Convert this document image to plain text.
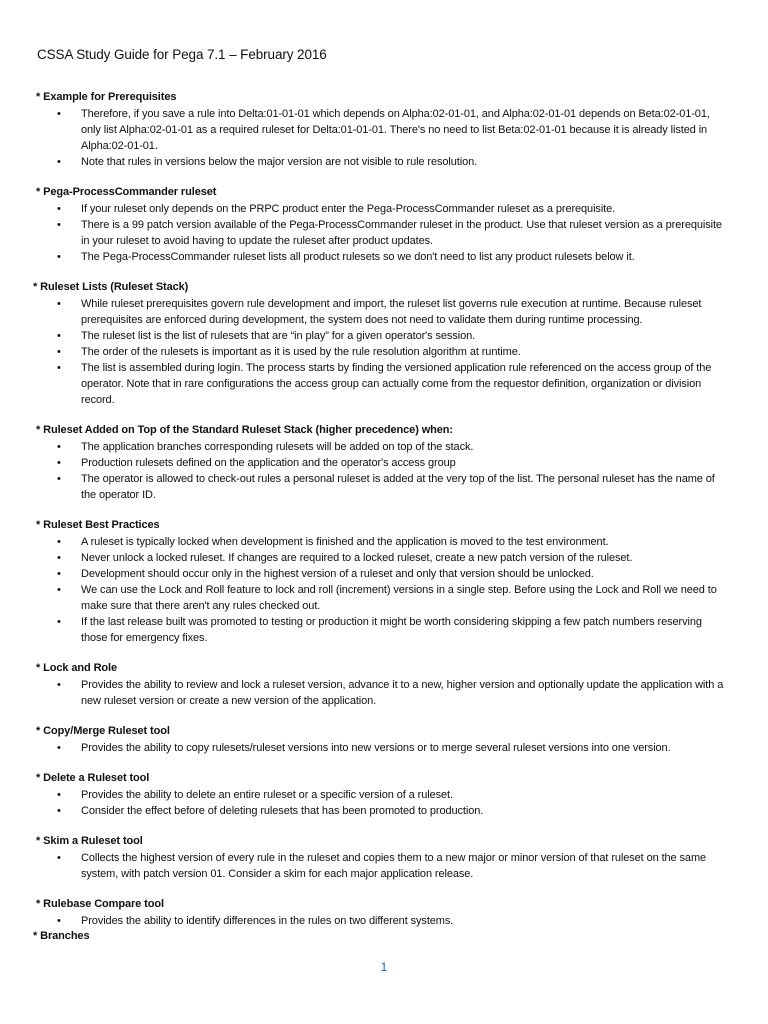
CSSA Study Guide for Pega 7.1 – February 2016
* Example for Prerequisites
• Therefore, if you save a rule into Delta:01-01-01 which depends on Alpha:02-01-01, and Alpha:02-01-01 depends on Beta:02-01-01, only list Alpha:02-01-01 as a required ruleset for Delta:01-01-01. There's no need to list Beta:02-01-01 because it is already listed in Alpha:02-01-01.
• Note that rules in versions below the major version are not visible to rule resolution.
* Pega-ProcessCommander ruleset
• If your ruleset only depends on the PRPC product enter the Pega-ProcessCommander ruleset as a prerequisite.
• There is a 99 patch version available of the Pega-ProcessCommander ruleset in the product. Use that ruleset version as a prerequisite in your ruleset to avoid having to update the ruleset after product updates.
• The Pega-ProcessCommander ruleset lists all product rulesets so we don't need to list any product rulesets below it.
* Ruleset Lists (Ruleset Stack)
• While ruleset prerequisites govern rule development and import, the ruleset list governs rule execution at runtime. Because ruleset prerequisites are enforced during development, the system does not need to validate them during runtime processing.
• The ruleset list is the list of rulesets that are “in play” for a given operator's session.
• The order of the rulesets is important as it is used by the rule resolution algorithm at runtime.
• The list is assembled during login. The process starts by finding the versioned application rule referenced on the access group of the operator. Note that in rare configurations the access group can actually come from the requestor definition, organization or division record.
* Ruleset Added on Top of the Standard Ruleset Stack (higher precedence) when:
• The application branches corresponding rulesets will be added on top of the stack.
• Production rulesets defined on the application and the operator's access group
• The operator is allowed to check-out rules a personal ruleset is added at the very top of the list. The personal ruleset has the name of the operator ID.
* Ruleset Best Practices
• A ruleset is typically locked when development is finished and the application is moved to the test environment.
• Never unlock a locked ruleset. If changes are required to a locked ruleset, create a new patch version of the ruleset.
• Development should occur only in the highest version of a ruleset and only that version should be unlocked.
• We can use the Lock and Roll feature to lock and roll (increment) versions in a single step. Before using the Lock and Roll we need to make sure that there aren't any rules checked out.
• If the last release built was promoted to testing or production it might be worth considering skipping a few patch numbers reserving those for emergency fixes.
* Lock and Role
• Provides the ability to review and lock a ruleset version, advance it to a new, higher version and optionally update the application with a new ruleset version or create a new version of the application.
* Copy/Merge Ruleset tool
• Provides the ability to copy rulesets/ruleset versions into new versions or to merge several ruleset versions into one version.
* Delete a Ruleset tool
• Provides the ability to delete an entire ruleset or a specific version of a ruleset.
• Consider the effect before of deleting rulesets that has been promoted to production.
* Skim a Ruleset tool
• Collects the highest version of every rule in the ruleset and copies them to a new major or minor version of that ruleset on the same system, with patch version 01. Consider a skim for each major application release.
* Rulebase Compare tool
• Provides the ability to identify differences in the rules on two different systems.
* Branches
1
